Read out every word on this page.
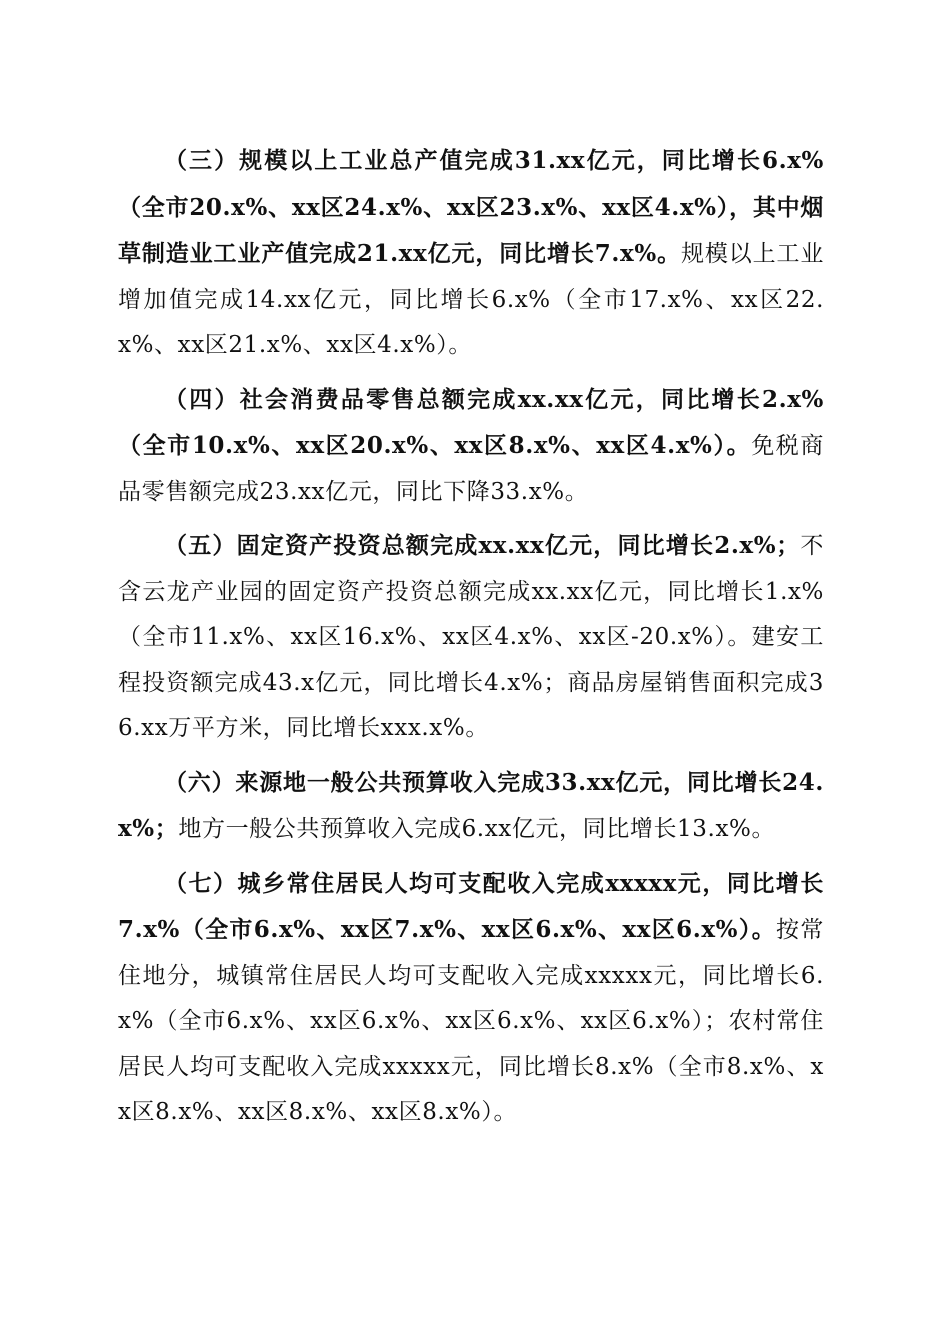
（三）规模以上工业总产值完成31.xx亿元，同比增长6.x%（全市20.x%、xx区24.x%、xx区23.x%、xx区4.x%），其中烟草制造业工业产值完成21.xx亿元，同比增长7.x%。规模以上工业增加值完成14.xx亿元，同比增长6.x%（全市17.x%、xx区22.x%、xx区21.x%、xx区4.x%）。

（四）社会消费品零售总额完成xx.xx亿元，同比增长2.x%（全市10.x%、xx区20.x%、xx区8.x%、xx区4.x%）。免税商品零售额完成23.xx亿元，同比下降33.x%。

（五）固定资产投资总额完成xx.xx亿元，同比增长2.x%；不含云龙产业园的固定资产投资总额完成xx.xx亿元，同比增长1.x%（全市11.x%、xx区16.x%、xx区4.x%、xx区-20.x%）。建安工程投资额完成43.x亿元，同比增长4.x%；商品房屋销售面积完成36.xx万平方米，同比增长xxx.x%。

（六）来源地一般公共预算收入完成33.xx亿元，同比增长24.x%；地方一般公共预算收入完成6.xx亿元，同比增长13.x%。

（七）城乡常住居民人均可支配收入完成xxxxx元，同比增长7.x%（全市6.x%、xx区7.x%、xx区6.x%、xx区6.x%）。按常住地分，城镇常住居民人均可支配收入完成xxxxx元，同比增长6.x%（全市6.x%、xx区6.x%、xx区6.x%、xx区6.x%）；农村常住居民人均可支配收入完成xxxxx元，同比增长8.x%（全市8.x%、xx区8.x%、xx区8.x%、xx区8.x%）。
